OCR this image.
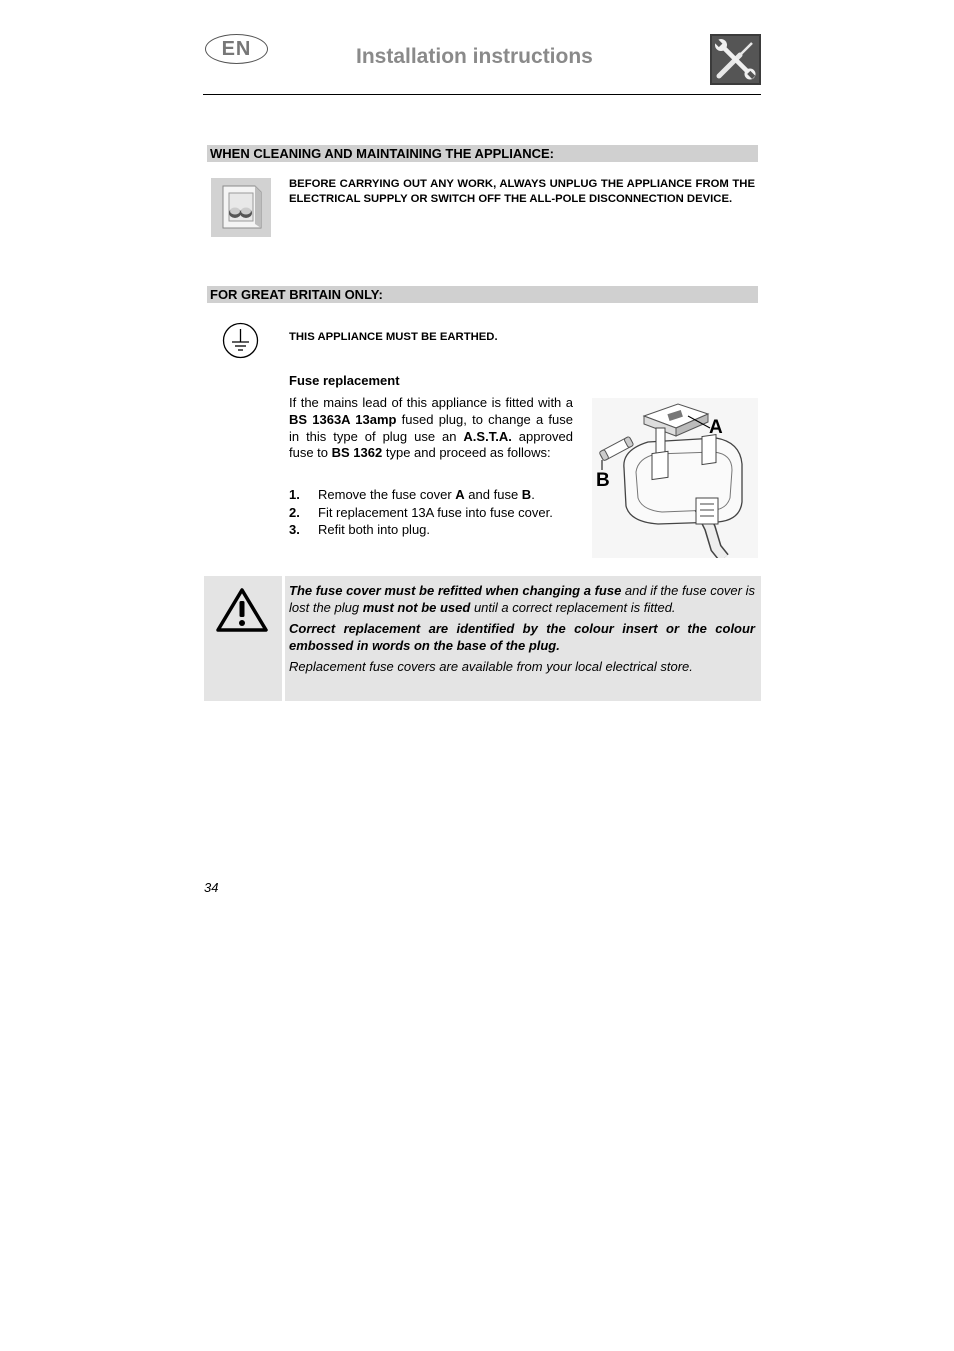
EN	Installation instructions
WHEN CLEANING AND MAINTAINING THE APPLIANCE:
BEFORE CARRYING OUT ANY WORK, ALWAYS UNPLUG THE APPLIANCE FROM THE ELECTRICAL SUPPLY OR SWITCH OFF THE ALL-POLE DISCONNECTION DEVICE.
FOR GREAT BRITAIN ONLY:
THIS APPLIANCE MUST BE EARTHED.
Fuse replacement
If the mains lead of this appliance is fitted with a BS 1363A 13amp fused plug, to change a fuse in this type of plug use an A.S.T.A. approved fuse to BS 1362 type and proceed as follows:
1.	Remove the fuse cover A and fuse B.
2.	Fit replacement 13A fuse into fuse cover.
3.	Refit both into plug.
A
B

The fuse cover must be refitted when changing a fuse and if the fuse cover is lost the plug must not be used until a correct replacement is fitted.

Correct replacement are identified by the colour insert or the colour embossed in words on the base of the plug.

Replacement fuse covers are available from your local electrical store.

34
